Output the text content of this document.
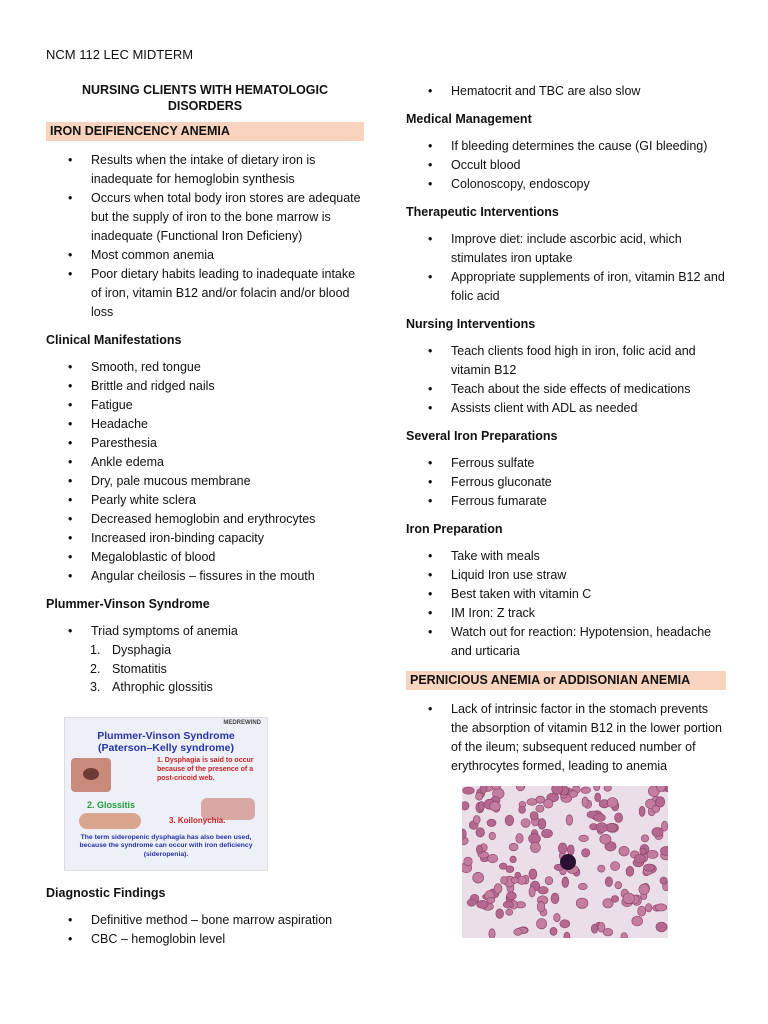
NCM 112 LEC MIDTERM
NURSING CLIENTS WITH HEMATOLOGIC DISORDERS
IRON DEIFIENCENCY ANEMIA
• Results when the intake of dietary iron is inadequate for hemoglobin synthesis
• Occurs when total body iron stores are adequate but the supply of iron to the bone marrow is inadequate (Functional Iron Deficieny)
• Most common anemia
• Poor dietary habits leading to inadequate intake of iron, vitamin B12 and/or folacin and/or blood loss
Clinical Manifestations
• Smooth, red tongue
• Brittle and ridged nails
• Fatigue
• Headache
• Paresthesia
• Ankle edema
• Dry, pale mucous membrane
• Pearly white sclera
• Decreased hemoglobin and erythrocytes
• Increased iron-binding capacity
• Megaloblastic of blood
• Angular cheilosis – fissures in the mouth
Plummer-Vinson Syndrome
• Triad symptoms of anemia
1. Dysphagia
2. Stomatitis
3. Athrophic glossitis
MEDREWIND
Plummer-Vinson Syndrome
(Paterson–Kelly syndrome)
1. Dysphagia is said to occur because of the presence of a post-cricoid web.
2. Glossitis
3. Koilonychia.
The term sideropenic dysphagia has also been used, because the syndrome can occur with iron deficiency (sideropenia).
Diagnostic Findings
• Definitive method – bone marrow aspiration
• CBC – hemoglobin level
• Hematocrit and TBC are also slow
Medical Management
• If bleeding determines the cause (GI bleeding)
• Occult blood
• Colonoscopy, endoscopy
Therapeutic Interventions
• Improve diet: include ascorbic acid, which stimulates iron uptake
• Appropriate supplements of iron, vitamin B12 and folic acid
Nursing Interventions
• Teach clients food high in iron, folic acid and vitamin B12
• Teach about the side effects of medications
• Assists client with ADL as needed
Several Iron Preparations
• Ferrous sulfate
• Ferrous gluconate
• Ferrous fumarate
Iron Preparation
• Take with meals
• Liquid Iron use straw
• Best taken with vitamin C
• IM Iron: Z track
• Watch out for reaction: Hypotension, headache and urticaria
PERNICIOUS ANEMIA or ADDISONIAN ANEMIA
• Lack of intrinsic factor in the stomach prevents the absorption of vitamin B12 in the lower portion of the ileum; subsequent reduced number of erythrocytes formed, leading to anemia
